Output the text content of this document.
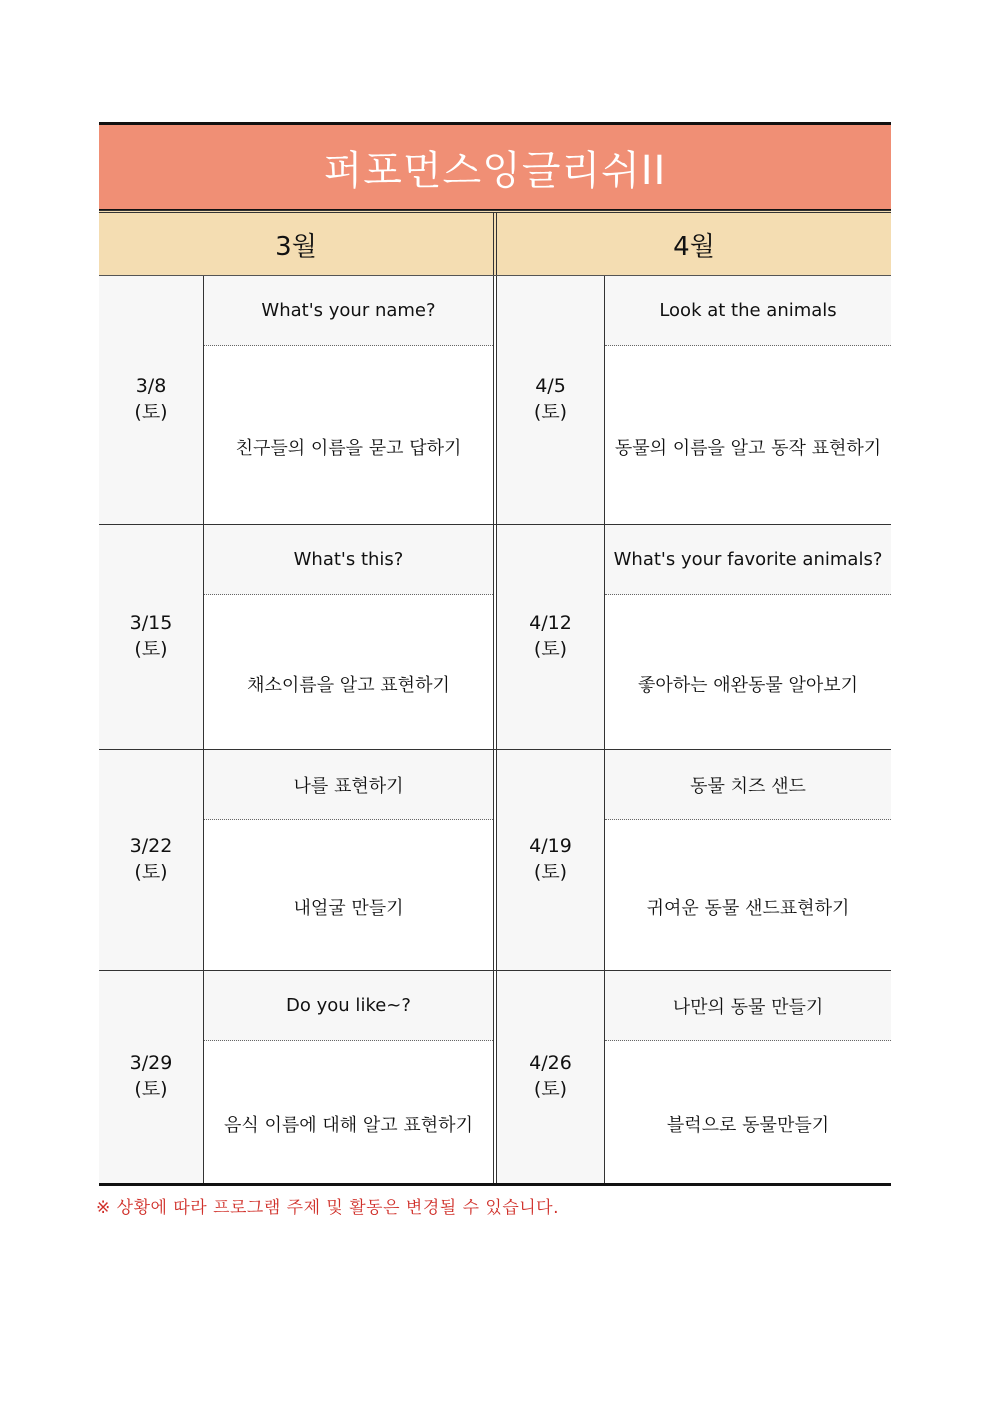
퍼포먼스잉글리쉬II
3월	4월
3/8
(토)
What's your name?
친구들의 이름을 묻고 답하기
4/5
(토)
Look at the animals
동물의 이름을 알고 동작 표현하기
3/15
(토)
What's this?
채소이름을 알고 표현하기
4/12
(토)
What's your favorite animals?
좋아하는 애완동물 알아보기
3/22
(토)
나를 표현하기
내얼굴 만들기
4/19
(토)
동물 치즈 샌드
귀여운 동물 샌드표현하기
3/29
(토)
Do you like~?
음식 이름에 대해 알고 표현하기
4/26
(토)
나만의 동물 만들기
블럭으로 동물만들기
※ 상황에 따라 프로그램 주제 및 활동은 변경될 수 있습니다.
